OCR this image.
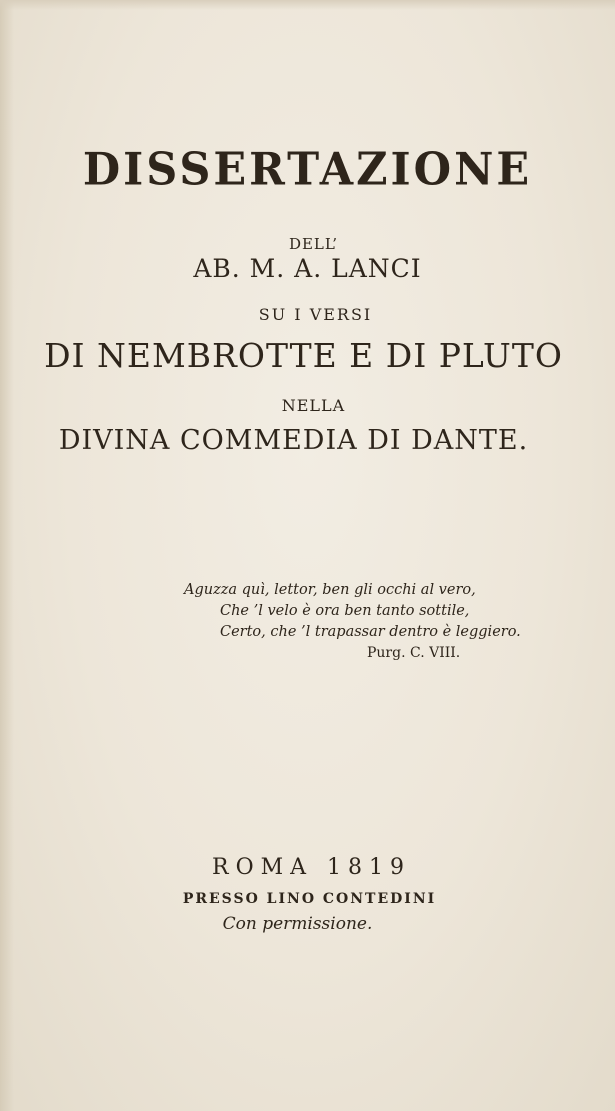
DISSERTAZIONE
DELL’
AB. M. A. LANCI
SU I VERSI
DI NEMBROTTE E DI PLUTO
NELLA
DIVINA COMMEDIA DI DANTE.
Aguzza quì, lettor, ben gli occhi al vero,
Che ’l velo è ora ben tanto sottile,
Certo, che ’l trapassar dentro è leggiero.
Purg. C. VIII.
ROMA 1819
PRESSO LINO CONTEDINI
Con permissione.
